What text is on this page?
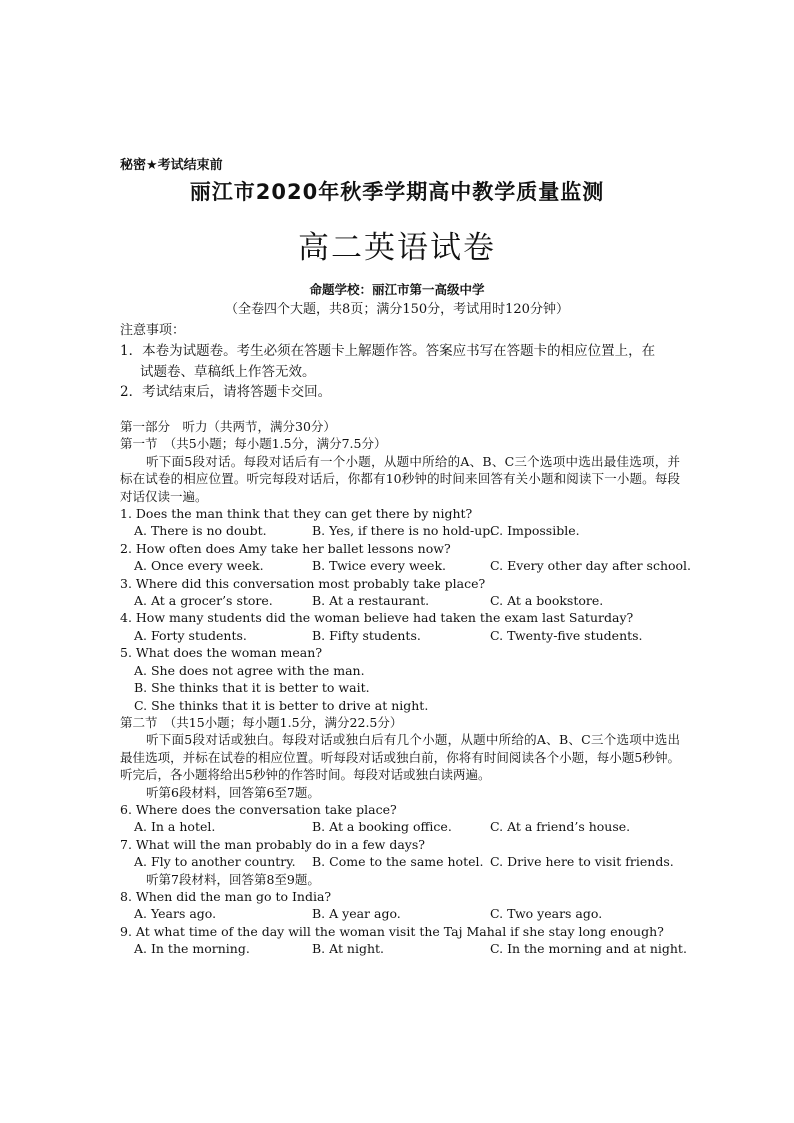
秘密★考试结束前
丽江市2020年秋季学期高中教学质量监测
高二英语试卷
命题学校：丽江市第一高级中学
（全卷四个大题，共8页；满分150分，考试用时120分钟）
注意事项：
1．本卷为试题卷。考生必须在答题卡上解题作答。答案应书写在答题卡的相应位置上，在
试题卷、草稿纸上作答无效。
2．考试结束后，请将答题卡交回。
第一部分　听力（共两节，满分30分）
第一节　（共5小题；每小题1.5分，满分7.5分）
听下面5段对话。每段对话后有一个小题，从题中所给的A、B、C三个选项中选出最佳选项，并标在试卷的相应位置。听完每段对话后，你都有10秒钟的时间来回答有关小题和阅读下一小题。每段对话仅读一遍。
1. Does the man think that they can get there by night?
A. There is no doubt.	B. Yes, if there is no hold-up.
C. Impossible.
2. How often does Amy take her ballet lessons now?
A. Once every week.	B. Twice every week.	C. Every other day after school.
3. Where did this conversation most probably take place?
A. At a grocer’s store.	B. At a restaurant.	C. At a bookstore.
4. How many students did the woman believe had taken the exam last Saturday?
A. Forty students.	B. Fifty students.	C. Twenty-five students.
5. What does the woman mean?
A. She does not agree with the man.
B. She thinks that it is better to wait.
C. She thinks that it is better to drive at night.
第二节　（共15小题；每小题1.5分，满分22.5分）
听下面5段对话或独白。每段对话或独白后有几个小题，从题中所给的A、B、C三个选项中选出最佳选项，并标在试卷的相应位置。听每段对话或独白前，你将有时间阅读各个小题，每小题5秒钟。听完后，各小题将给出5秒钟的作答时间。每段对话或独白读两遍。
听第6段材料，回答第6至7题。
6. Where does the conversation take place?
A. In a hotel.	B. At a booking office.	C. At a friend’s house.
7. What will the man probably do in a few days?
A. Fly to another country.	B. Come to the same hotel. C. Drive here to visit friends.
听第7段材料，回答第8至9题。
8. When did the man go to India?
A. Years ago.	B. A year ago.	C. Two years ago.
9. At what time of the day will the woman visit the Taj Mahal if she stay long enough?
A. In the morning.	B. At night.	C. In the morning and at night.
